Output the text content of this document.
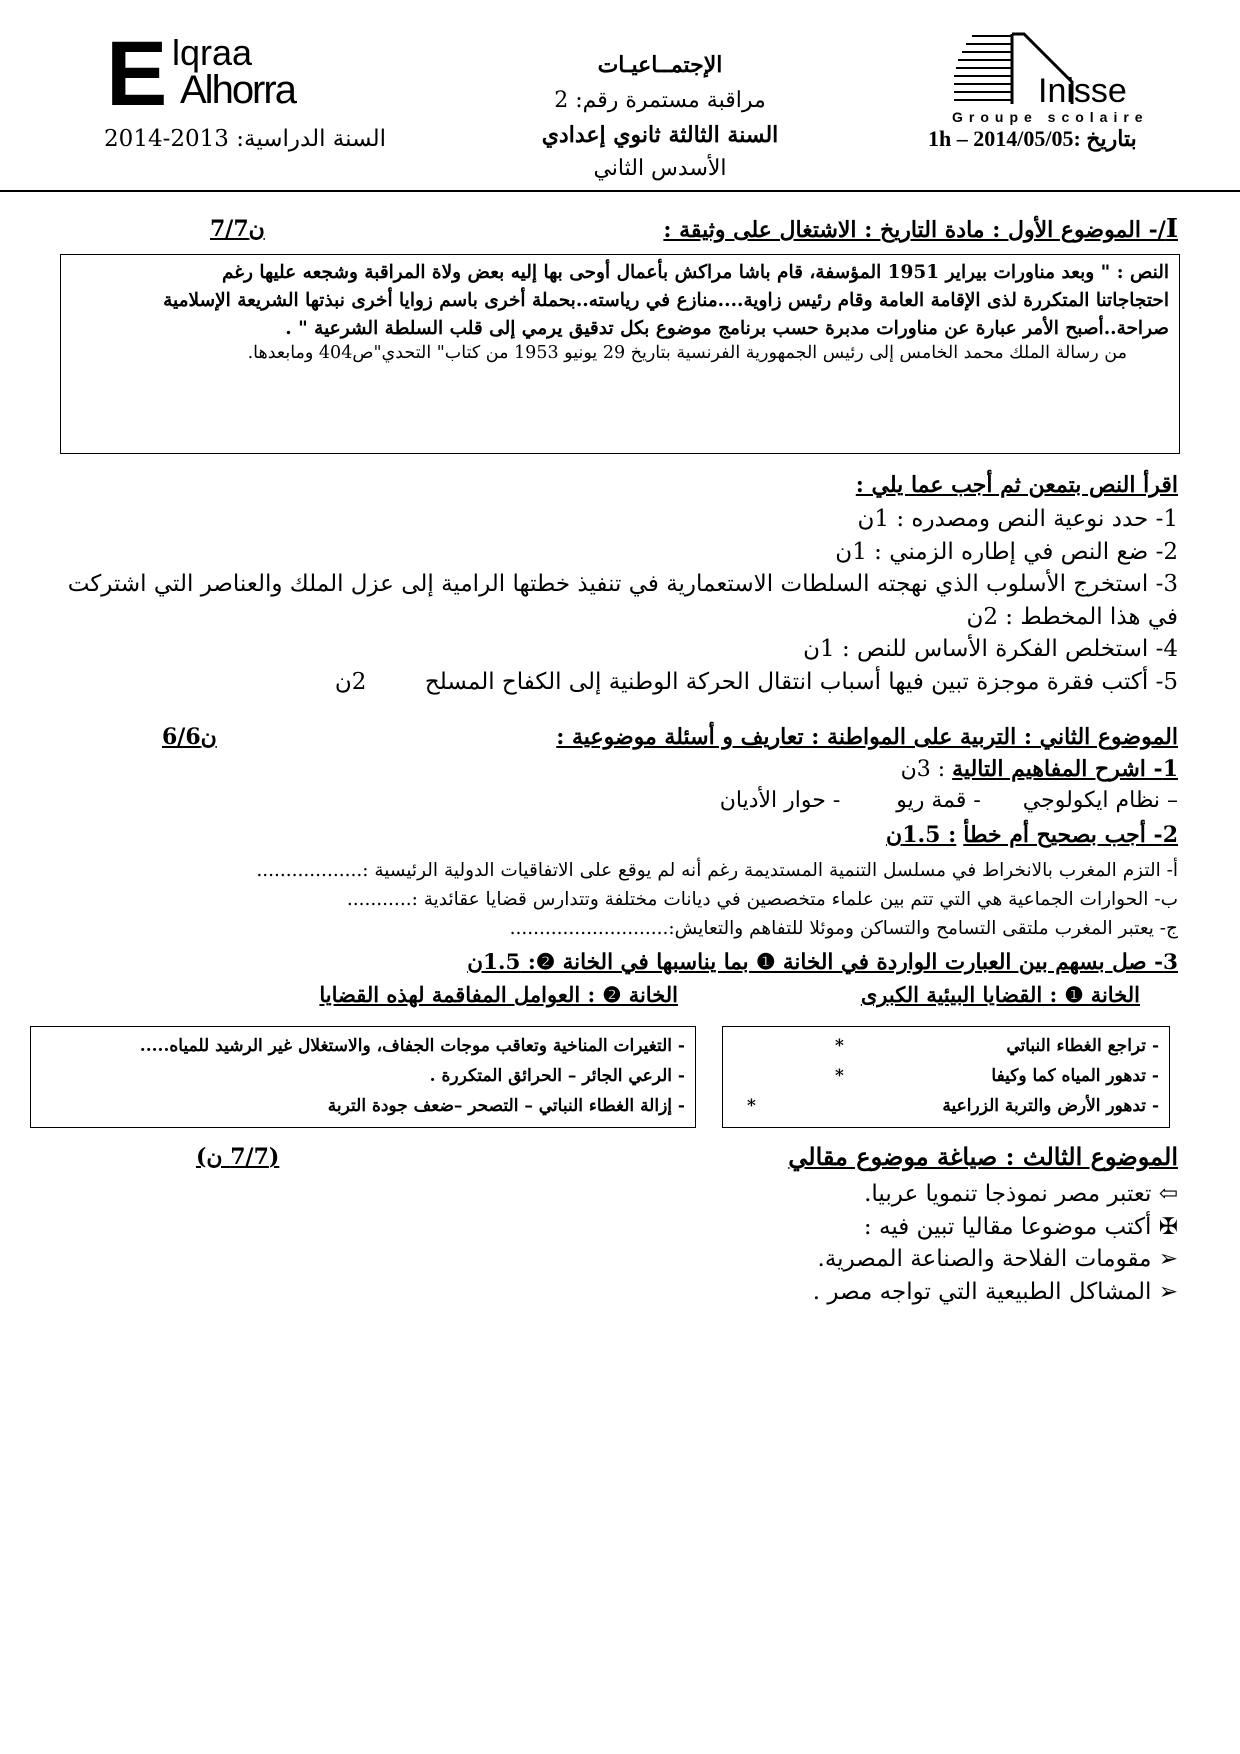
E lqraa
Alhorra	Inisse
Groupe scolaire
الإجتمــاعيـات
مراقبة مستمرة رقم: 2
السنة الثالثة ثانوي إعدادي
الأسدس الثاني
السنة الدراسية: 2013-2014	1h – 2014/05/05: بتاريخ
I/- الموضوع الأول : مادة التاريخ : الاشتغال على وثيقة :
7/7ن
النص : " وبعد مناورات بيراير 1951 المؤسفة، قام باشا مراكش بأعمال أوحى بها إليه بعض ولاة المراقبة وشجعه عليها رغم
احتجاجاتنا المتكررة لذى الإقامة العامة وقام رئيس زاوية....منازع في رياسته..بحملة أخرى باسم زوايا أخرى نبذتها الشريعة الإسلامية
صراحة..أصبح الأمر عبارة عن مناورات مدبرة حسب برنامج موضوع بكل تدقيق يرمي إلى قلب السلطة الشرعية " .
من رسالة الملك محمد الخامس إلى رئيس الجمهورية الفرنسية بتاريخ 29 يونيو 1953 من كتاب" التحدي"ص404 ومابعدها.
اقرأ النص بتمعن ثم أجب عما يلي :
1- حدد نوعية النص ومصدره : 1ن
2- ضع النص في إطاره الزمني : 1ن
3- استخرج الأسلوب الذي نهجته السلطات الاستعمارية في تنفيذ خطتها الرامية إلى عزل الملك والعناصر التي اشتركت
في هذا المخطط : 2ن
4- استخلص الفكرة الأساس للنص : 1ن
5- أكتب فقرة موجزة تبين فيها أسباب انتقال الحركة الوطنية إلى الكفاح المسلح        2ن
الموضوع الثاني : التربية على المواطنة : تعاريف و أسئلة موضوعية :
6/6ن
1- اشرح المفاهيم التالية : 3ن
– نظام ايكولوجي      - قمة ريو        - حوار الأديان
2- أجب بصحيح أم خطأ : 1.5ن
أ- التزم المغرب بالانخراط في مسلسل التنمية المستديمة رغم أنه لم يوقع على الاتفاقيات الدولية الرئيسية :..................
ب- الحوارات الجماعية هي التي تتم بين علماء متخصصين في ديانات مختلفة وتتدارس قضايا عقائدية :...........
ج- يعتبر المغرب ملتقى التسامح والتساكن وموئلا للتفاهم والتعايش:...........................
3- صل بسهم بين العبارت الواردة في الخانة ❶ بما يناسبها في الخانة ❷: 1.5ن
الخانة ❶ : القضايا البيئية الكبرى
الخانة ❷ : العوامل المفاقمة لهذه القضايا
- تراجع الغطاء النباتي
*
- تدهور المياه كما وكيفا
*
- تدهور الأرض والتربة الزراعية
*
- التغيرات المناخية وتعاقب موجات الجفاف، والاستغلال غير الرشيد للمياه.....
- الرعي الجائر – الحرائق المتكررة .
- إزالة الغطاء النباتي – التصحر –ضعف جودة التربة
الموضوع الثالث : صياغة موضوع مقالي
(7/7 ن)
⇦ تعتبر مصر نموذجا تنمويا عربيا.
✠ أكتب موضوعا مقاليا تبين فيه :
➢ مقومات الفلاحة والصناعة المصرية.
➢ المشاكل الطبيعية التي تواجه مصر .
